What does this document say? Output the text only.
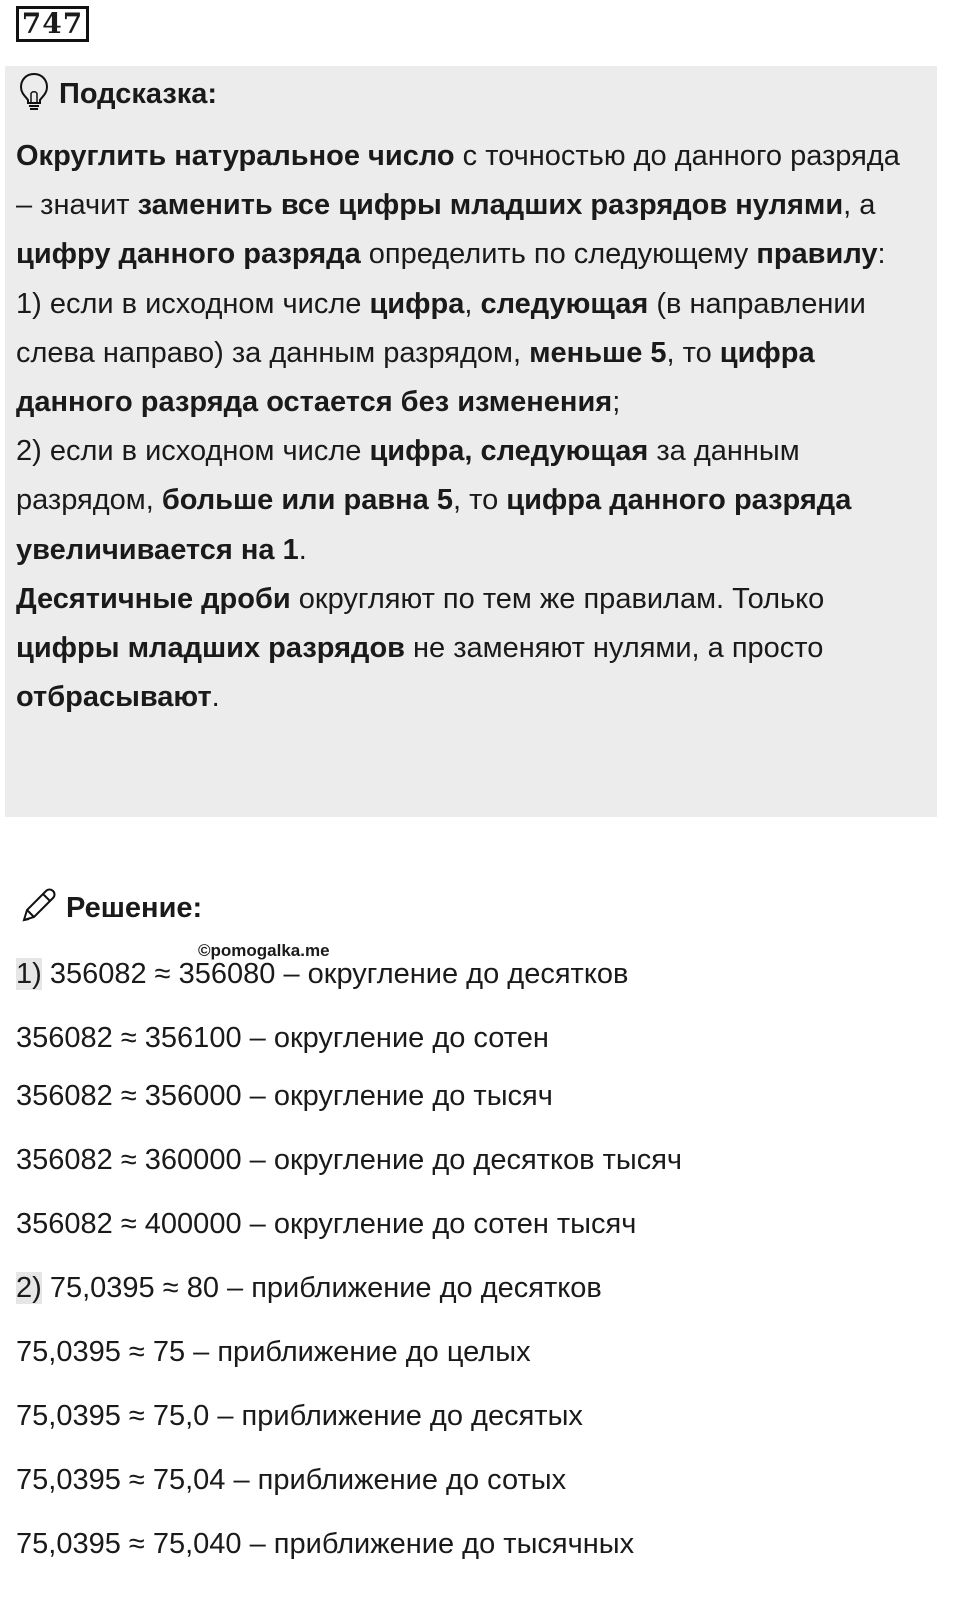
747
Подсказка:

Округлить натуральное число с точностью до данного разряда – значит заменить все цифры младших разрядов нулями, а цифру данного разряда определить по следующему правилу:

1) если в исходном числе цифра, следующая (в направлении слева направо) за данным разрядом, меньше 5, то цифра данного разряда остается без изменения;

2) если в исходном числе цифра, следующая за данным разрядом, больше или равна 5, то цифра данного разряда увеличивается на 1.

Десятичные дроби округляют по тем же правилам. Только цифры младших разрядов не заменяют нулями, а просто отбрасывают.

Решение:
©pomogalka.me
1) 356082 ≈ 356080 – округление до десятков
356082 ≈ 356100 – округление до сотен
356082 ≈ 356000 – округление до тысяч
356082 ≈ 360000 – округление до десятков тысяч
356082 ≈ 400000 – округление до сотен тысяч
2) 75,0395 ≈ 80 – приближение до десятков
75,0395 ≈ 75 – приближение до целых
75,0395 ≈ 75,0 – приближение до десятых
75,0395 ≈ 75,04 – приближение до сотых
75,0395 ≈ 75,040 – приближение до тысячных
